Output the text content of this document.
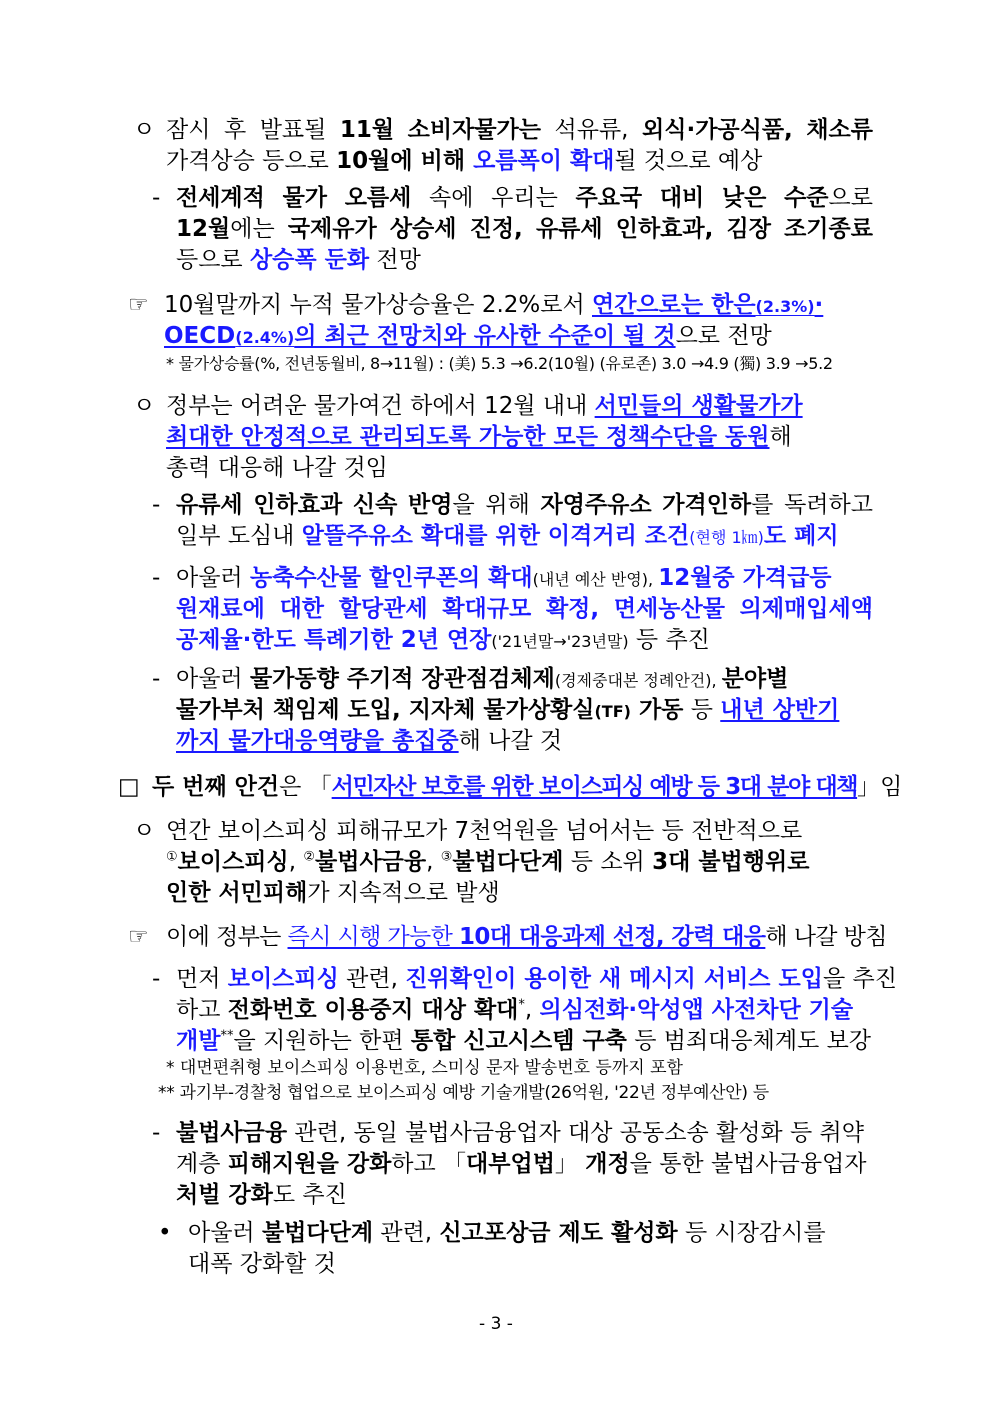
ㅇ 잠시 후 발표될 11월 소비자물가는 석유류, 외식·가공식품, 채소류
가격상승 등으로 10월에 비해 오름폭이 확대될 것으로 예상
- 전세계적 물가 오름세 속에 우리는 주요국 대비 낮은 수준으로
12월에는 국제유가 상승세 진정, 유류세 인하효과, 김장 조기종료
등으로 상승폭 둔화 전망
☞ 10월말까지 누적 물가상승율은 2.2%로서 연간으로는 한은(2.3%)·
OECD(2.4%)의 최근 전망치와 유사한 수준이 될 것으로 전망
* 물가상승률(%, 전년동월비, 8→11월) : (美) 5.3 →6.2(10월) (유로존) 3.0 →4.9 (獨) 3.9 →5.2
ㅇ 정부는 어려운 물가여건 하에서 12월 내내 서민들의 생활물가가
최대한 안정적으로 관리되도록 가능한 모든 정책수단을 동원해
총력 대응해 나갈 것임
- 유류세 인하효과 신속 반영을 위해 자영주유소 가격인하를 독려하고
일부 도심내 알뜰주유소 확대를 위한 이격거리 조건(현행 1㎞)도 폐지
- 아울러 농축수산물 할인쿠폰의 확대(내년 예산 반영), 12월중 가격급등
원재료에 대한 할당관세 확대규모 확정, 면세농산물 의제매입세액
공제율·한도 특례기한 2년 연장('21년말→'23년말) 등 추진
- 아울러 물가동향 주기적 장관점검체제(경제중대본 정례안건), 분야별
물가부처 책임제 도입, 지자체 물가상황실(TF) 가동 등 내년 상반기
까지 물가대응역량을 총집중해 나갈 것
□ 두 번째 안건은 「서민자산 보호를 위한 보이스피싱 예방 등 3대 분야 대책」임
ㅇ 연간 보이스피싱 피해규모가 7천억원을 넘어서는 등 전반적으로
①보이스피싱, ②불법사금융, ③불법다단계 등 소위 3대 불법행위로
인한 서민피해가 지속적으로 발생
☞ 이에 정부는 즉시 시행 가능한 10대 대응과제 선정, 강력 대응해 나갈 방침
- 먼저 보이스피싱 관련, 진위확인이 용이한 새 메시지 서비스 도입을 추진
하고 전화번호 이용중지 대상 확대*, 의심전화·악성앱 사전차단 기술
개발**을 지원하는 한편 통합 신고시스템 구축 등 범죄대응체계도 보강
* 대면편취형 보이스피싱 이용번호, 스미싱 문자 발송번호 등까지 포함
** 과기부-경찰청 협업으로 보이스피싱 예방 기술개발(26억원, '22년 정부예산안) 등
- 불법사금융 관련, 동일 불법사금융업자 대상 공동소송 활성화 등 취약
계층 피해지원을 강화하고 「대부업법」 개정을 통한 불법사금융업자
처벌 강화도 추진
• 아울러 불법다단계 관련, 신고포상금 제도 활성화 등 시장감시를
대폭 강화할 것
- 3 -
